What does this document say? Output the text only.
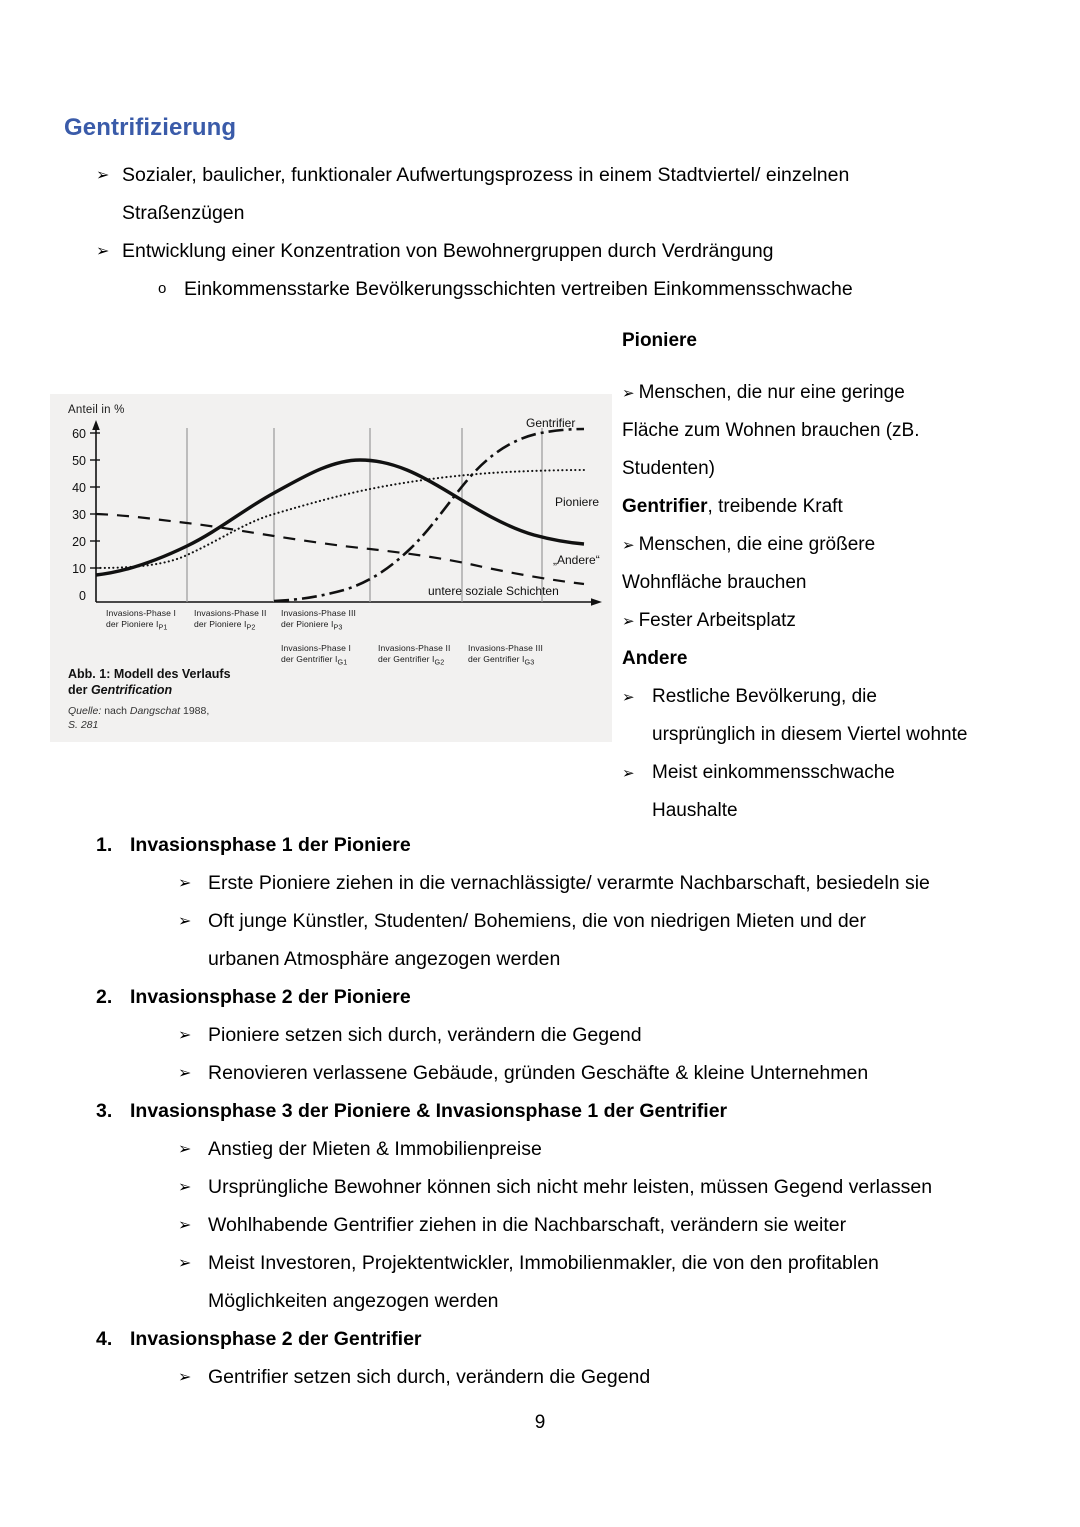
Gentrifizierung
➢ Sozialer, baulicher, funktionaler Aufwertungsprozess in einem Stadtviertel/ einzelnen
Straßenzügen
➢ Entwicklung einer Konzentration von Bewohnergruppen durch Verdrängung
o Einkommensstarke Bevölkerungsschichten vertreiben Einkommensschwache
Anteil in %
60
50
40
30
20
10
0
Gentrifier
Pioniere
„Andere“
untere soziale Schichten
Invasions-Phase I
der Pioniere $I_{P1}$
Invasions-Phase II
der Pioniere $I_{P2}$
Invasions-Phase III
der Pioniere $I_{P3}$
Invasions-Phase I
der Gentrifier $I_{G1}$
Invasions-Phase II
der Gentrifier $I_{G2}$
Invasions-Phase III
der Gentrifier $I_{G3}$
Abb. 1: Modell des Verlaufs
der Gentrification
Quelle: nach Dangschat 1988,
S. 281
Pioniere
➢ Menschen, die nur eine geringe
Fläche zum Wohnen brauchen (zB.
Studenten)
Gentrifier, treibende Kraft
➢ Menschen, die eine größere
Wohnfläche brauchen
➢ Fester Arbeitsplatz
Andere
➢ Restliche Bevölkerung, die
ursprünglich in diesem Viertel wohnte
➢ Meist einkommensschwache
Haushalte
1. Invasionsphase 1 der Pioniere
➢ Erste Pioniere ziehen in die vernachlässigte/ verarmte Nachbarschaft, besiedeln sie
➢ Oft junge Künstler, Studenten/ Bohemiens, die von niedrigen Mieten und der
urbanen Atmosphäre angezogen werden
2. Invasionsphase 2 der Pioniere
➢ Pioniere setzen sich durch, verändern die Gegend
➢ Renovieren verlassene Gebäude, gründen Geschäfte & kleine Unternehmen
3. Invasionsphase 3 der Pioniere & Invasionsphase 1 der Gentrifier
➢ Anstieg der Mieten & Immobilienpreise
➢ Ursprüngliche Bewohner können sich nicht mehr leisten, müssen Gegend verlassen
➢ Wohlhabende Gentrifier ziehen in die Nachbarschaft, verändern sie weiter
➢ Meist Investoren, Projektentwickler, Immobilienmakler, die von den profitablen
Möglichkeiten angezogen werden
4. Invasionsphase 2 der Gentrifier
➢ Gentrifier setzen sich durch, verändern die Gegend
9
